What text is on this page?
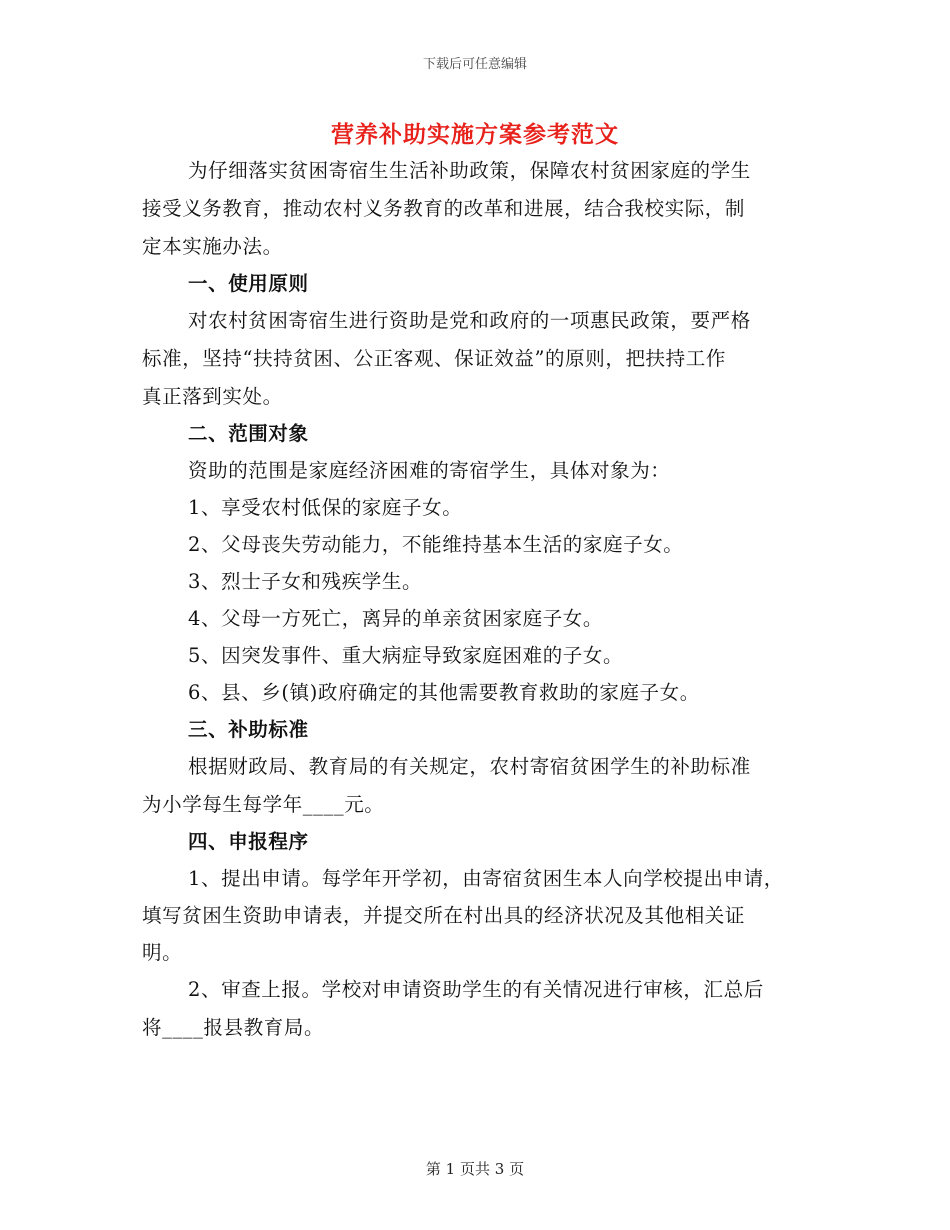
下载后可任意编辑
营养补助实施方案参考范文
为仔细落实贫困寄宿生生活补助政策，保障农村贫困家庭的学生
接受义务教育，推动农村义务教育的改革和进展，结合我校实际，制
定本实施办法。
一、使用原则
对农村贫困寄宿生进行资助是党和政府的一项惠民政策，要严格
标准，坚持“扶持贫困、公正客观、保证效益”的原则，把扶持工作
真正落到实处。
二、范围对象
资助的范围是家庭经济困难的寄宿学生，具体对象为：
1、享受农村低保的家庭子女。
2、父母丧失劳动能力，不能维持基本生活的家庭子女。
3、烈士子女和残疾学生。
4、父母一方死亡，离异的单亲贫困家庭子女。
5、因突发事件、重大病症导致家庭困难的子女。
6、县、乡(镇)政府确定的其他需要教育救助的家庭子女。
三、补助标准
根据财政局、教育局的有关规定，农村寄宿贫困学生的补助标准
为小学每生每学年____元。
四、申报程序
1、提出申请。每学年开学初，由寄宿贫困生本人向学校提出申请，
填写贫困生资助申请表，并提交所在村出具的经济状况及其他相关证
明。
2、审查上报。学校对申请资助学生的有关情况进行审核，汇总后
将____报县教育局。
第 1 页共 3 页
